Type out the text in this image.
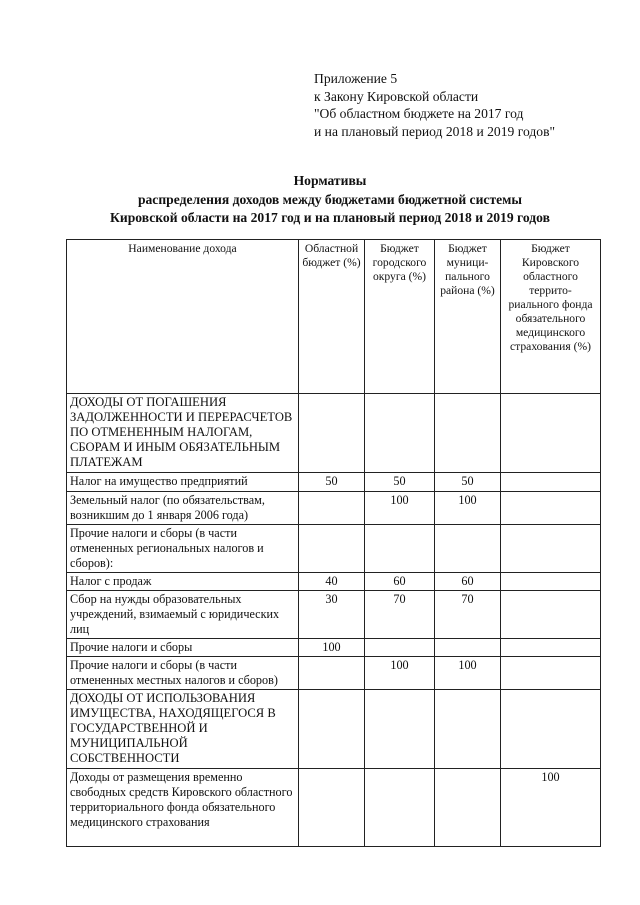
Приложение 5
к Закону Кировской области
"Об областном бюджете на 2017 год
и на плановый период 2018 и 2019 годов"
Нормативы
распределения доходов между бюджетами бюджетной системы
Кировской области на 2017 год и на плановый период 2018 и 2019 годов
Наименование дохода	Областной бюджет (%)	Бюджет городского округа (%)	Бюджет муници-пального района (%)	Бюджет Кировского областного террито-риального фонда обязательного медицинского страхования (%)
ДОХОДЫ ОТ ПОГАШЕНИЯ ЗАДОЛЖЕННОСТИ И ПЕРЕРАСЧЕТОВ ПО ОТМЕНЕННЫМ НАЛОГАМ, СБОРАМ И ИНЫМ ОБЯЗАТЕЛЬНЫМ ПЛАТЕЖАМ				
Налог на имущество предприятий	50	50	50	
Земельный налог (по обязательствам, возникшим до 1 января 2006 года)		100	100	
Прочие налоги и сборы (в части отмененных региональных налогов и сборов):				
Налог с продаж	40	60	60	
Сбор на нужды образовательных учреждений, взимаемый с юридических лиц	30	70	70	
Прочие налоги и сборы	100			
Прочие налоги и сборы (в части отмененных местных налогов и сборов)		100	100	
ДОХОДЫ ОТ ИСПОЛЬЗОВАНИЯ ИМУЩЕСТВА, НАХОДЯЩЕГОСЯ В ГОСУДАРСТВЕННОЙ И МУНИЦИПАЛЬНОЙ СОБСТВЕННОСТИ				
Доходы от размещения временно свободных средств Кировского областного территориального фонда обязательного медицинского страхования				100
